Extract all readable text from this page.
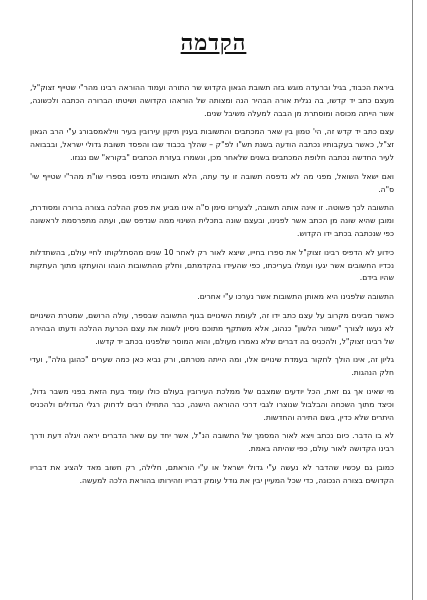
הקדמה

ביראת הכבוד, בגיל וברעדה מוגש בזה תשובת הגאון הקדוש שר התורה ועמוד ההוראה רבינו מהר"י שטייף זצוק"ל, מעצם כתב יד קדשו, בה נגלית אורה הבהיר הנה ומצותה של הוראהו הקדושה ושיטתו הברורה הכתבה ולכשונה, אשר הייתה מכוסה ומוסתרת מן הבבה למעלה משיבל שנים.

עצם כתב יד קדש זה, הי' טמון בין שאר המכתבים והתשובות בענין תיקון עירובין בעיר ווילאמסבורג ע"י הרב הגאון זצ"ל, כאשר בעקבותיו נכתבה הודעה בשנת תש"ו לפ"ק – שהלך בכבוד שבו והפסד תשובת גדולי ישראל, ובבבואה לעיר החדשה נכתבה חלופת המכתבים בשנים שלאחר מכן, ונשמרו בעזרת הכתבים "בקורא" שם נגנזו.

ואם ישאל השואל, מפני מה לא נדפסה תשובה זו עד עתה, הלא תשובותיו נדפסו בספרי שו"ת מהר"י שטייף שי' ס"ה.

התשובה לכך פשוטה. זו אינה אותה תשובה, לצערינו סימן ס"ה אינו מביע את פסק ההלכה בצורה ברורה ומסודרת, ומובן שהיא שונה מן הכתב אשר לפנינו, ובעצם שונה בתכלית השינוי ממה שנדפס שם, ועתה מתפרסמת לראשונה כפי שנכתבה בכתב ידו הקדוש.

כידוע לא הדפיס רבינו זצוק"ל את ספרו בחייו, שיצא לאור רק לאחר 10 שנים מהסתלקותו לחיי עולם, בהשתדלות נכדיו החשובים אשר יגעו ועמלו בעריכתו, כפי שהעידו בהקדמתם, וחלק מהתשובות הוגהו והועתקו מתוך העתקות שהיו בידם.

התשובה שלפנינו היא מאותן התשובות אשר נערכו ע"י אחרים.

כאשר מבינים מקרוב על עצם כתב ידו זה, לעומת השינויים בגוף התשובה שבספר, עולה הרושם, שמטרת השינויים לא נעשו לצורך "ישמור הלשון" כנהוג, אלא משתקף מתוכם ניסיון לשנות את עצם הכרעת ההלכה ודעתו הבהירה של רבינו זצוק"ל, ולהכניס בה דברים שלא נאמרו מעולם, והוא המוסר שלפנינו בכתב יד קדשו.

גליון זה, אינו הולך לחקור בעמדת שינויים אלו, ומה הייתה מטרתם, ורק נביא כאן כמה שערים "כהוגן גולה", ועדי חלק הנהגות.

מי שאינו אך גם זאת, הכל יודעים שמצבם של ממלכת העירובין בעולם כולו עומד בעת הזאת בפני משבר גדול, וכיצד מתוך השכחה והבלבול שנוצרו לגבי דרכי ההוראה הישנה, כבר התחילו רבים לדחוק רגלי הגדולים ולהכניס היתרים שלא כדין, בשם התירה והחדשות.

לא בו הדבר. כיום נכתב ויצא לאור המסמך של התשובה הנ"ל, אשר יחד עם שאר הדברים יראה ויגלה דעת ודרך רבינו הקדושה לאור עולם, כפי שהיתה באמת.

כמובן גם עכשיו שהדבר לא נעשה ע"י גדולי ישראל או ע"י הוראתם, חלילה, רק חשוב מאד להציג את דבריו הקדושים בצורה הנכונה, כדי שכל המעיין יבין את גודל עומק דבריו וזהירותו בהוראת הלכה למעשה.
